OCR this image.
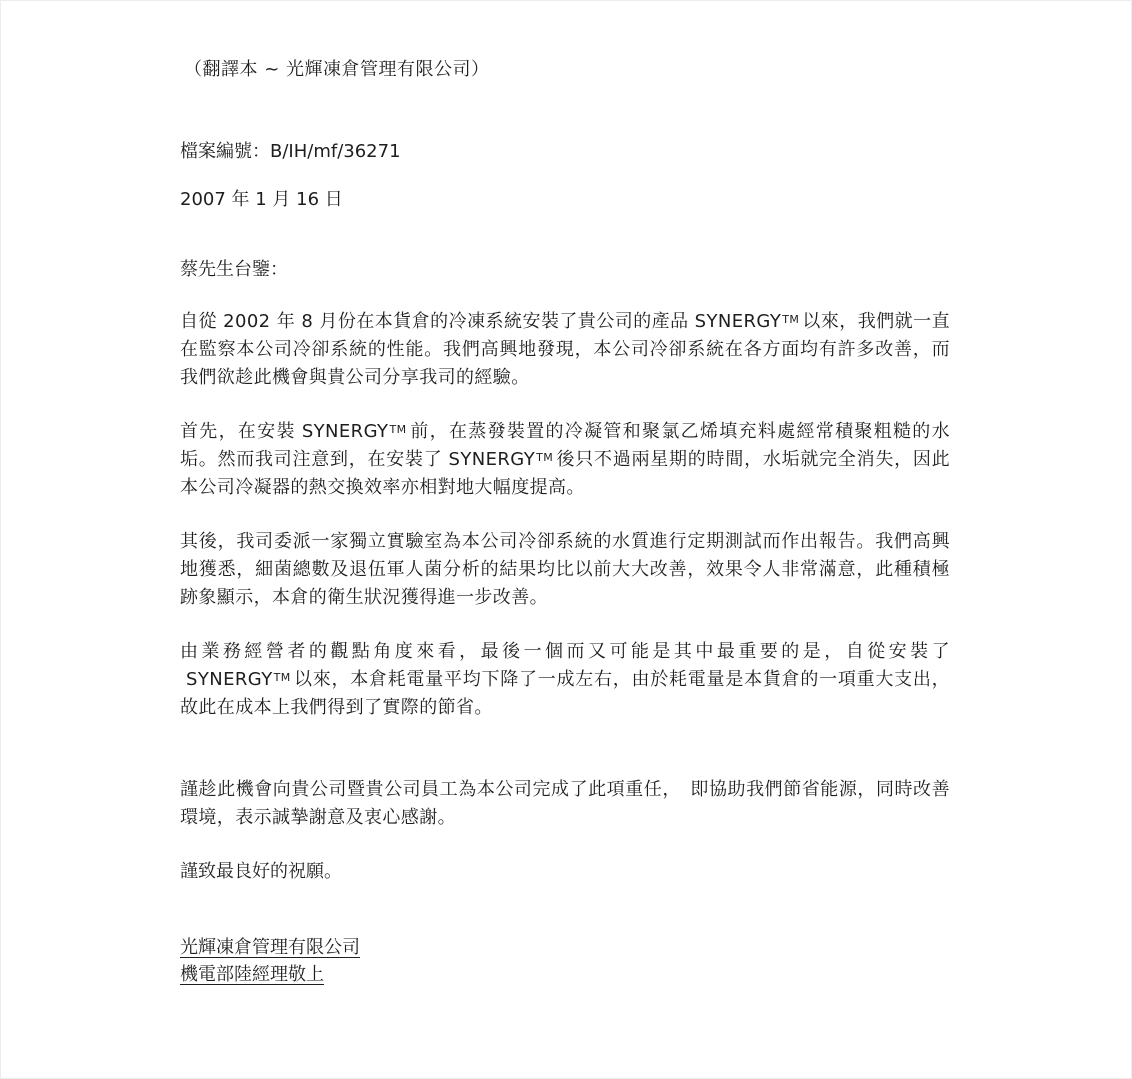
（翻譯本 ~ 光輝凍倉管理有限公司）
檔案編號：B/IH/mf/36271
2007 年 1 月 16 日
蔡先生台鑒：
自從 2002 年 8 月份在本貨倉的冷凍系統安裝了貴公司的產品 SYNERGY™ 以來，我們就一直在監察本公司冷卻系統的性能。我們高興地發現，本公司冷卻系統在各方面均有許多改善，而我們欲趁此機會與貴公司分享我司的經驗。
首先，在安裝 SYNERGY™ 前，在蒸發裝置的冷凝管和聚氯乙烯填充料處經常積聚粗糙的水垢。然而我司注意到，在安裝了 SYNERGY™ 後只不過兩星期的時間，水垢就完全消失，因此本公司冷凝器的熱交換效率亦相對地大幅度提高。
其後，我司委派一家獨立實驗室為本公司冷卻系統的水質進行定期測試而作出報告。我們高興地獲悉，細菌總數及退伍軍人菌分析的結果均比以前大大改善，效果令人非常滿意，此種積極跡象顯示，本倉的衛生狀況獲得進一步改善。
由業務經營者的觀點角度來看，最後一個而又可能是其中最重要的是，自從安裝了SYNERGY™ 以來，本倉耗電量平均下降了一成左右，由於耗電量是本貨倉的一項重大支出，故此在成本上我們得到了實際的節省。
謹趁此機會向貴公司暨貴公司員工為本公司完成了此項重任，　即協助我們節省能源，同時改善環境，表示誠摯謝意及衷心感謝。
謹致最良好的祝願。
光輝凍倉管理有限公司
機電部陸經理敬上
